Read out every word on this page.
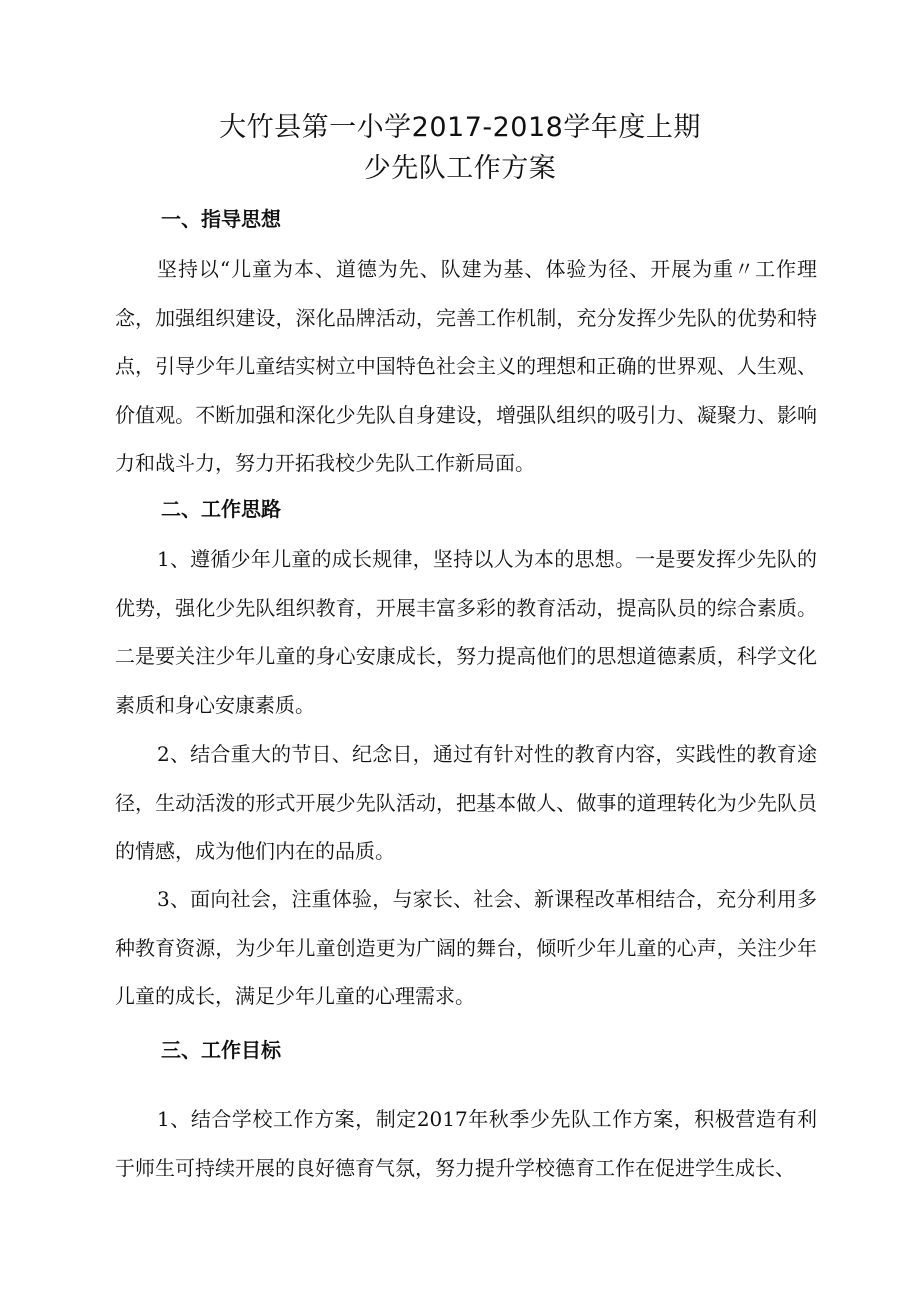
大竹县第一小学2017-2018学年度上期
少先队工作方案
一、指导思想

坚持以“儿童为本、道德为先、队建为基、体验为径、开展为重〃工作理念，加强组织建设，深化品牌活动，完善工作机制，充分发挥少先队的优势和特点，引导少年儿童结实树立中国特色社会主义的理想和正确的世界观、人生观、价值观。不断加强和深化少先队自身建设，增强队组织的吸引力、凝聚力、影响力和战斗力，努力开拓我校少先队工作新局面。

二、工作思路

1、遵循少年儿童的成长规律，坚持以人为本的思想。一是要发挥少先队的优势，强化少先队组织教育，开展丰富多彩的教育活动，提高队员的综合素质。二是要关注少年儿童的身心安康成长，努力提高他们的思想道德素质，科学文化素质和身心安康素质。

2、结合重大的节日、纪念日，通过有针对性的教育内容，实践性的教育途径，生动活泼的形式开展少先队活动，把基本做人、做事的道理转化为少先队员的情感，成为他们内在的品质。

3、面向社会，注重体验，与家长、社会、新课程改革相结合，充分利用多种教育资源，为少年儿童创造更为广阔的舞台，倾听少年儿童的心声，关注少年儿童的成长，满足少年儿童的心理需求。

三、工作目标

1、结合学校工作方案，制定2017年秋季少先队工作方案，积极营造有利于师生可持续开展的良好德育气氛，努力提升学校德育工作在促进学生成长、
